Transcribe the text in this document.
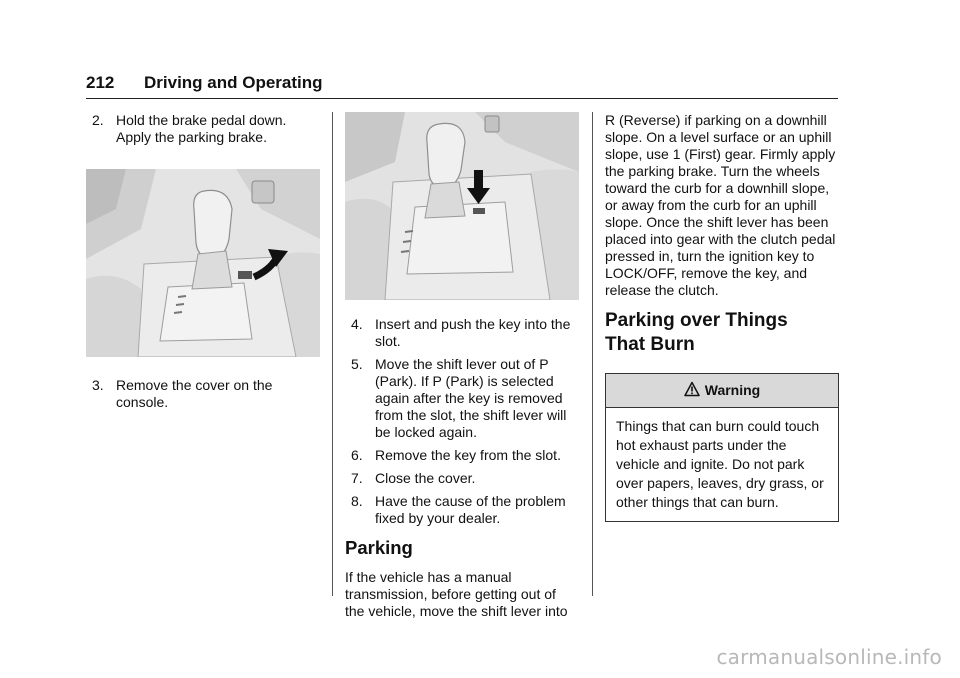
212 Driving and Operating
2. Hold the brake pedal down. Apply the parking brake.
3. Remove the cover on the console.
4. Insert and push the key into the slot.
5. Move the shift lever out of P (Park). If P (Park) is selected again after the key is removed from the slot, the shift lever will be locked again.
6. Remove the key from the slot.
7. Close the cover.
8. Have the cause of the problem fixed by your dealer.
Parking

If the vehicle has a manual transmission, before getting out of the vehicle, move the shift lever into

R (Reverse) if parking on a downhill slope. On a level surface or an uphill slope, use 1 (First) gear. Firmly apply the parking brake. Turn the wheels toward the curb for a downhill slope, or away from the curb for an uphill slope. Once the shift lever has been placed into gear with the clutch pedal pressed in, turn the ignition key to LOCK/OFF, remove the key, and release the clutch.

Parking over Things
That Burn
Warning
Things that can burn could touch hot exhaust parts under the vehicle and ignite. Do not park over papers, leaves, dry grass, or other things that can burn.
carmanualsonline.info
